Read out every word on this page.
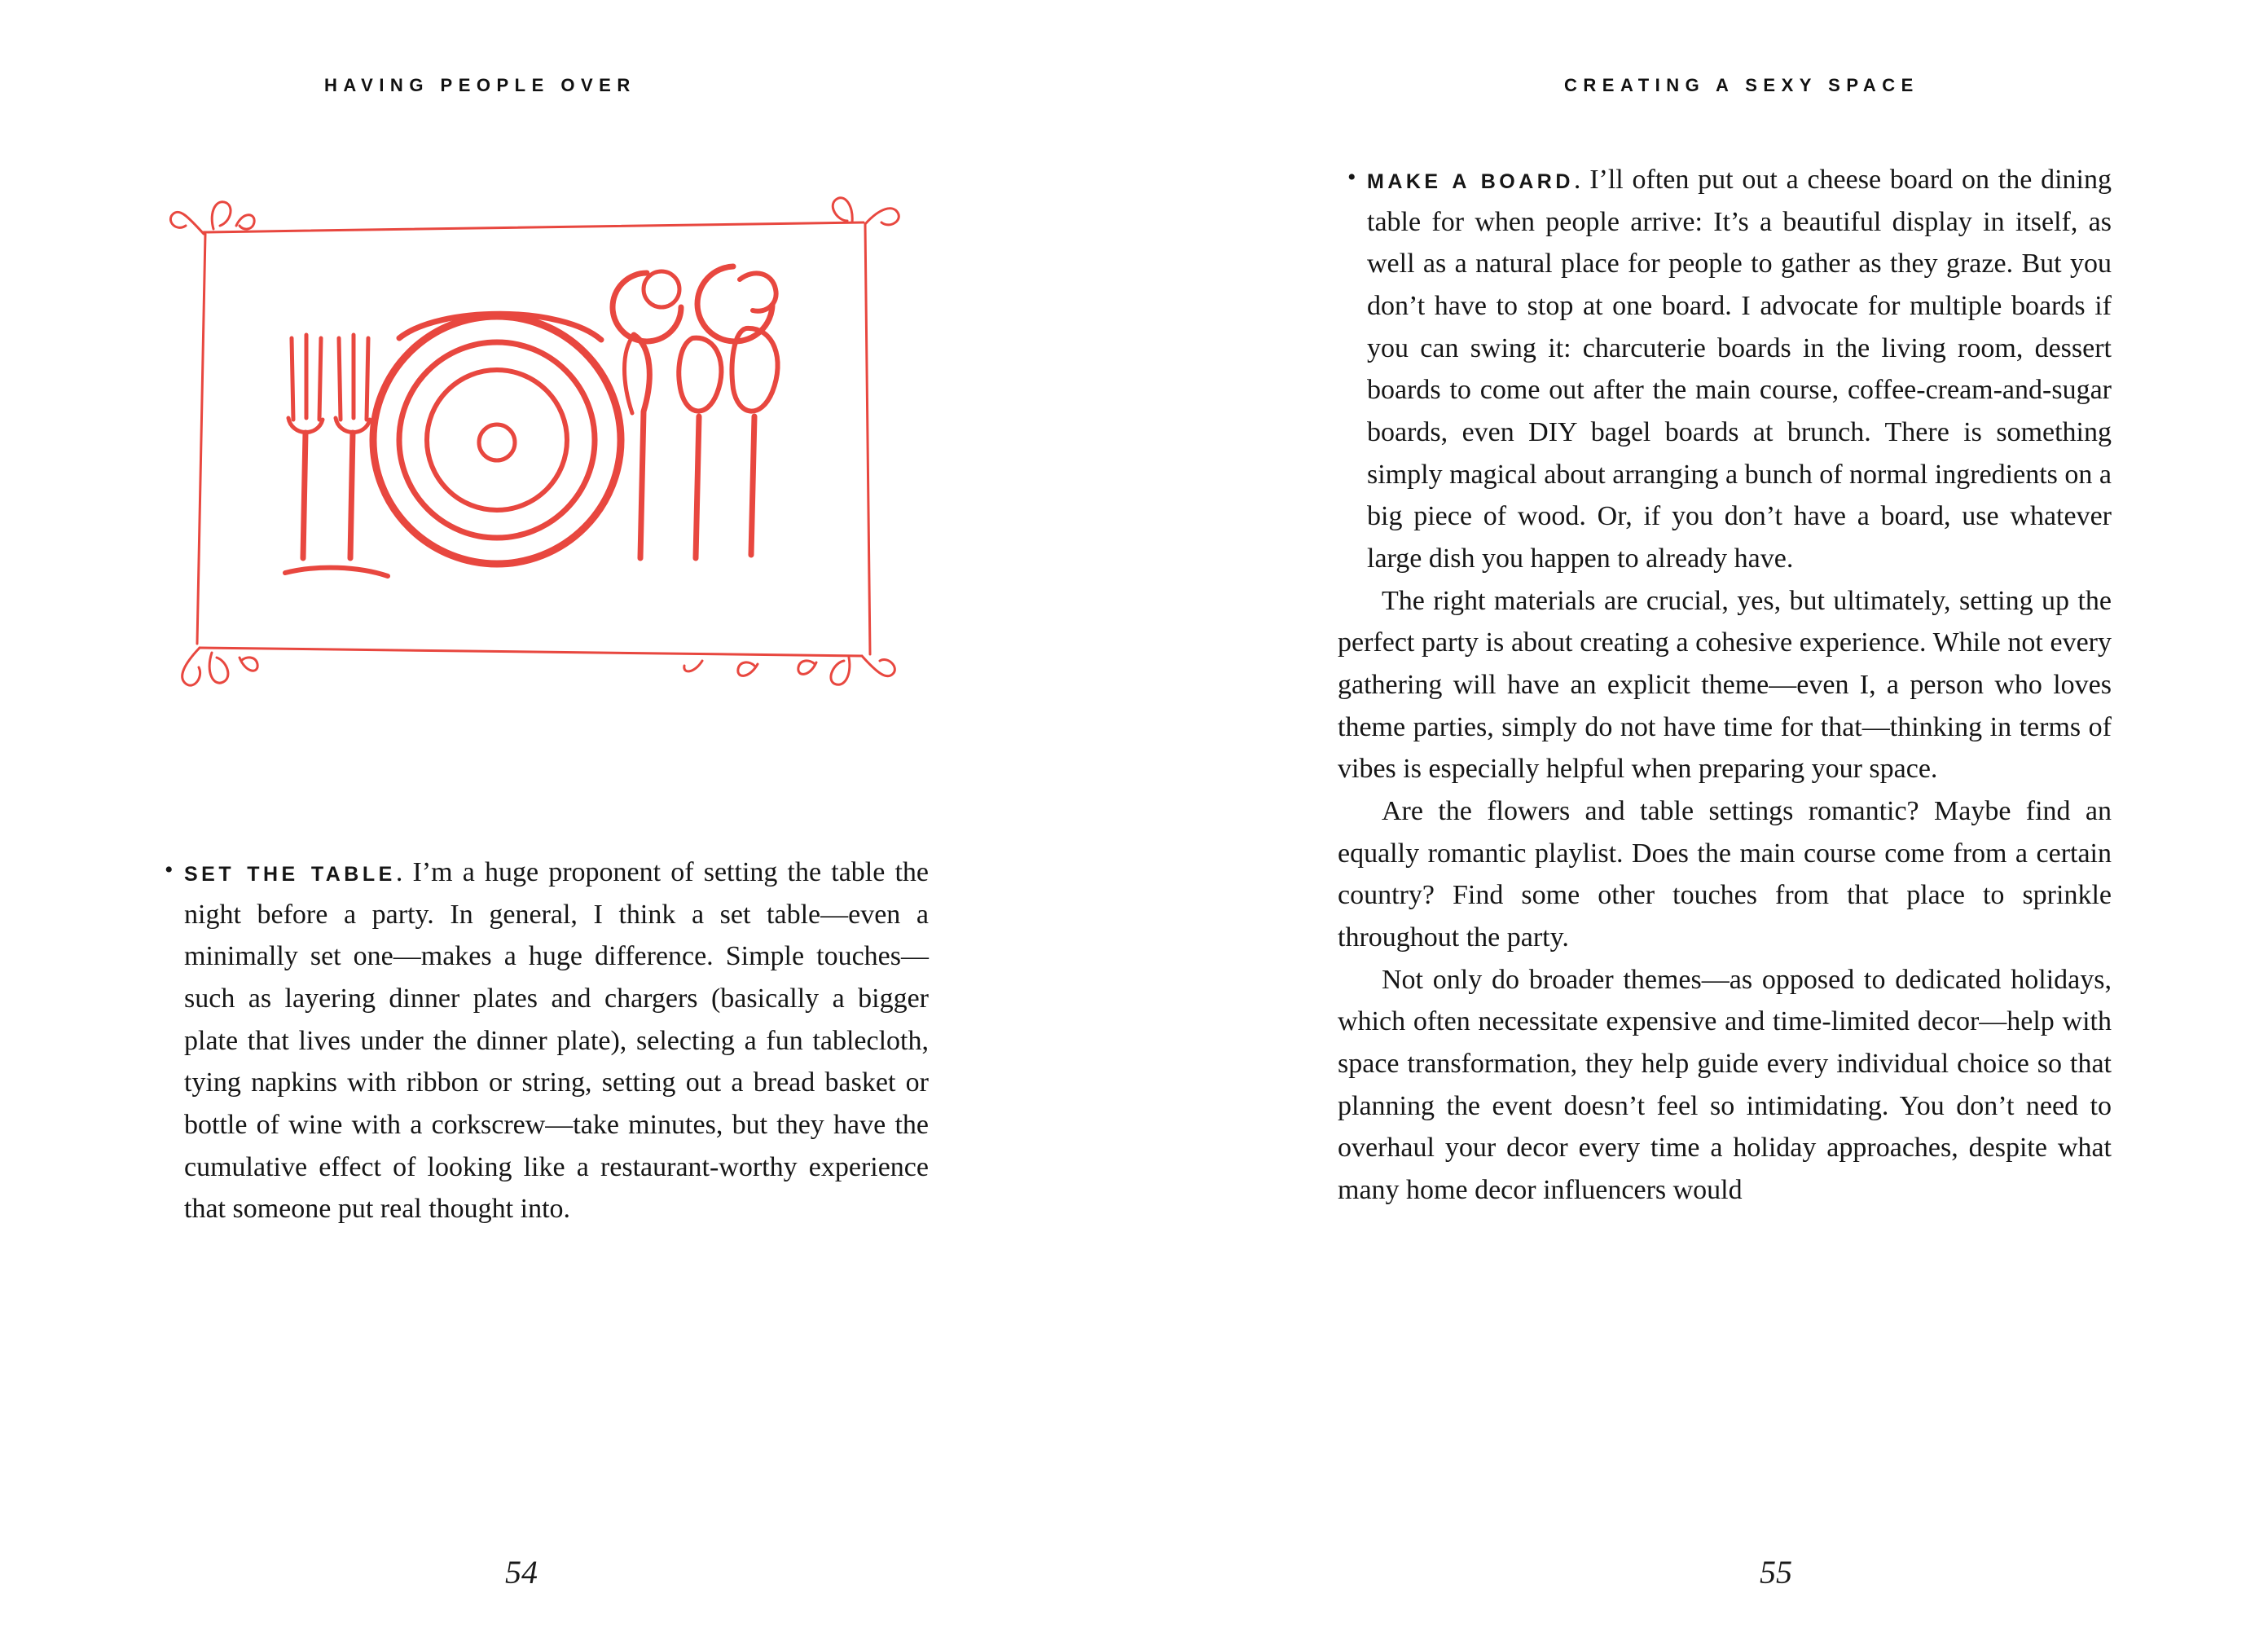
HAVING PEOPLE OVER

• SET THE TABLE. I’m a huge proponent of setting the table the night before a party. In general, I think a set table—even a minimally set one—makes a huge difference. Simple touches—such as layering dinner plates and chargers (basically a bigger plate that lives under the dinner plate), selecting a fun tablecloth, tying napkins with ribbon or string, setting out a bread basket or bottle of wine with a corkscrew—take minutes, but they have the cumulative effect of looking like a restaurant-worthy experience that someone put real thought into.

54
CREATING A SEXY SPACE

• MAKE A BOARD. I’ll often put out a cheese board on the dining table for when people arrive: It’s a beautiful display in itself, as well as a natural place for people to gather as they graze. But you don’t have to stop at one board. I advocate for multiple boards if you can swing it: charcuterie boards in the living room, dessert boards to come out after the main course, coffee-cream-and-sugar boards, even DIY bagel boards at brunch. There is something simply magical about arranging a bunch of normal ingredients on a big piece of wood. Or, if you don’t have a board, use whatever large dish you happen to already have.

The right materials are crucial, yes, but ultimately, setting up the perfect party is about creating a cohesive experience. While not every gathering will have an explicit theme—even I, a person who loves theme parties, simply do not have time for that—thinking in terms of vibes is especially helpful when preparing your space.

Are the flowers and table settings romantic? Maybe find an equally romantic playlist. Does the main course come from a certain country? Find some other touches from that place to sprinkle throughout the party.

Not only do broader themes—as opposed to dedicated holidays, which often necessitate expensive and time-limited decor—help with space transformation, they help guide every individual choice so that planning the event doesn’t feel so intimidating. You don’t need to overhaul your decor every time a holiday approaches, despite what many home decor influencers would

55
